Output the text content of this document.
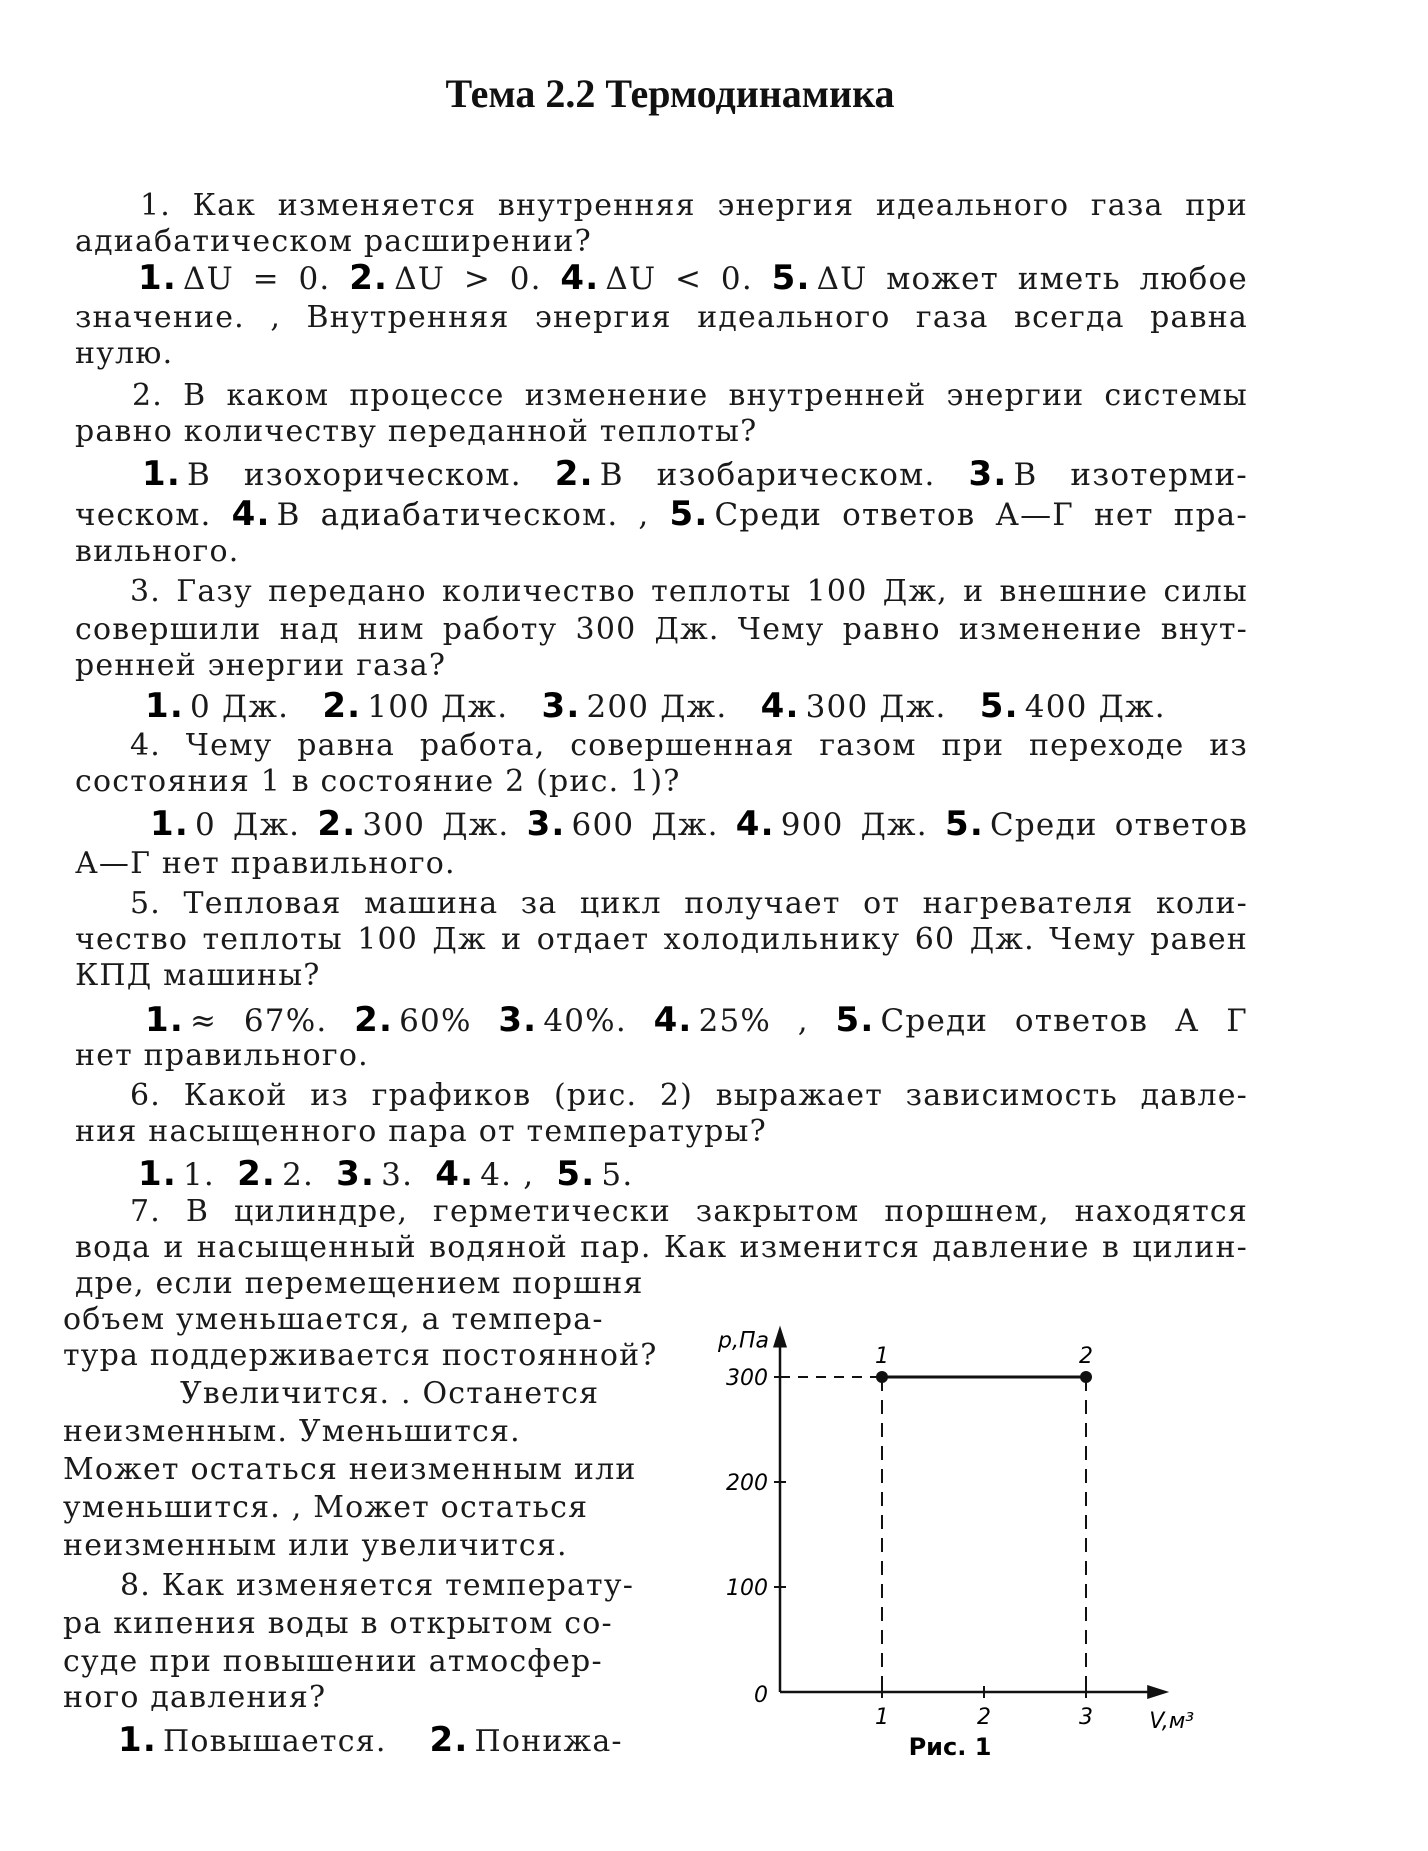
Тема 2.2 Термодинамика
1. Как изменяется внутренняя энергия идеального газа при
адиабатическом расширении?
1. ΔU = 0. 2. ΔU > 0. 4. ΔU < 0. 5. ΔU может иметь любое
значение. , Внутренняя энергия идеального газа всегда равна
нулю.
2. В каком процессе изменение внутренней энергии системы
равно количеству переданной теплоты?
1. В изохорическом. 2. В изобарическом. 3. В изотерми-
ческом. 4. В адиабатическом. , 5. Среди ответов А—Г нет пра-
вильного.
3. Газу передано количество теплоты 100 Дж, и внешние силы
совершили над ним работу 300 Дж. Чему равно изменение внут-
ренней энергии газа?
1. 0 Дж. 2. 100 Дж. 3. 200 Дж. 4. 300 Дж. 5. 400 Дж.
4. Чему равна работа, совершенная газом при переходе из
состояния 1 в состояние 2 (рис. 1)?
1. 0 Дж. 2. 300 Дж. 3. 600 Дж. 4. 900 Дж. 5. Среди ответов
А—Г нет правильного.
5. Тепловая машина за цикл получает от нагревателя коли-
чество теплоты 100 Дж и отдает холодильнику 60 Дж. Чему равен
КПД машины?
1. ≈ 67%. 2. 60% 3. 40%. 4. 25% , 5. Среди ответов А Г
нет правильного.
6. Какой из графиков (рис. 2) выражает зависимость давле-
ния насыщенного пара от температуры?
1. 1. 2. 2. 3. 3. 4. 4. , 5. 5.
7. В цилиндре, герметически закрытом поршнем, находятся
вода и насыщенный водяной пар. Как изменится давление в цилин-
дре, если перемещением поршня
объем уменьшается, а темпера-
тура поддерживается постоянной?
Увеличится. . Останется
неизменным. Уменьшится.
Может остаться неизменным или
уменьшится. , Может остаться
неизменным или увеличится.
8. Как изменяется температу-
ра кипения воды в открытом со-
суде при повышении атмосфер-
ного давления?
1. Повышается. 2. Понижа-
p,Па
V,м³
0
100
200
300
1	2	3
1	2
Рис. 1
